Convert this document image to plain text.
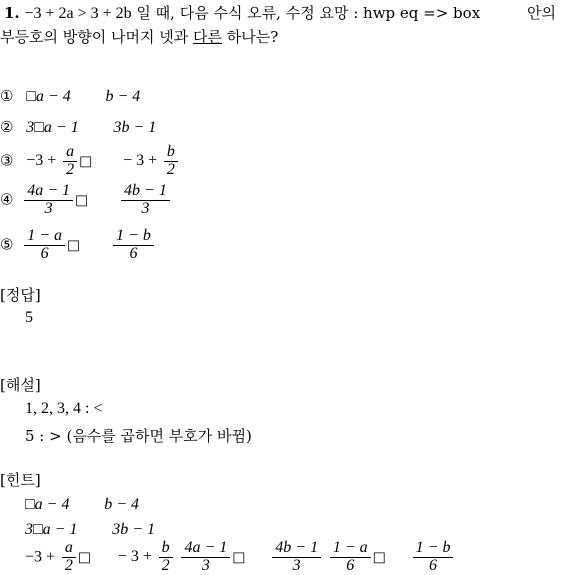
1. −3 + 2a > 3 + 2b 일 때, 다음 수식 오류, 수정 요망 : hwp eq => box	안의
부등호의 방향이 나머지 넷과 다른 하나는?
① □a − 4 b − 4
② 3□a − 1 3b − 1
③ $-3 + \frac{a}{2}$ □ − $3 + \frac{b}{2}$
④ $\frac{4a - 1}{3}$ □ $\frac{4b - 1}{3}$
⑤ $\frac{1 - a}{6}$ □ $\frac{1 - b}{6}$
[정답]
5
[해설]
1, 2, 3, 4 : <
5 : > (음수를 곱하면 부호가 바뀜)
[힌트]
□a − 4 b − 4
3□a − 1 3b − 1
$-3 + \frac{a}{2}$ □ − $3 + \frac{b}{2}$
$\frac{4a - 1}{3}$ □ $\frac{4b - 1}{3}$
$\frac{1 - a}{6}$ □ $\frac{1 - b}{6}$
